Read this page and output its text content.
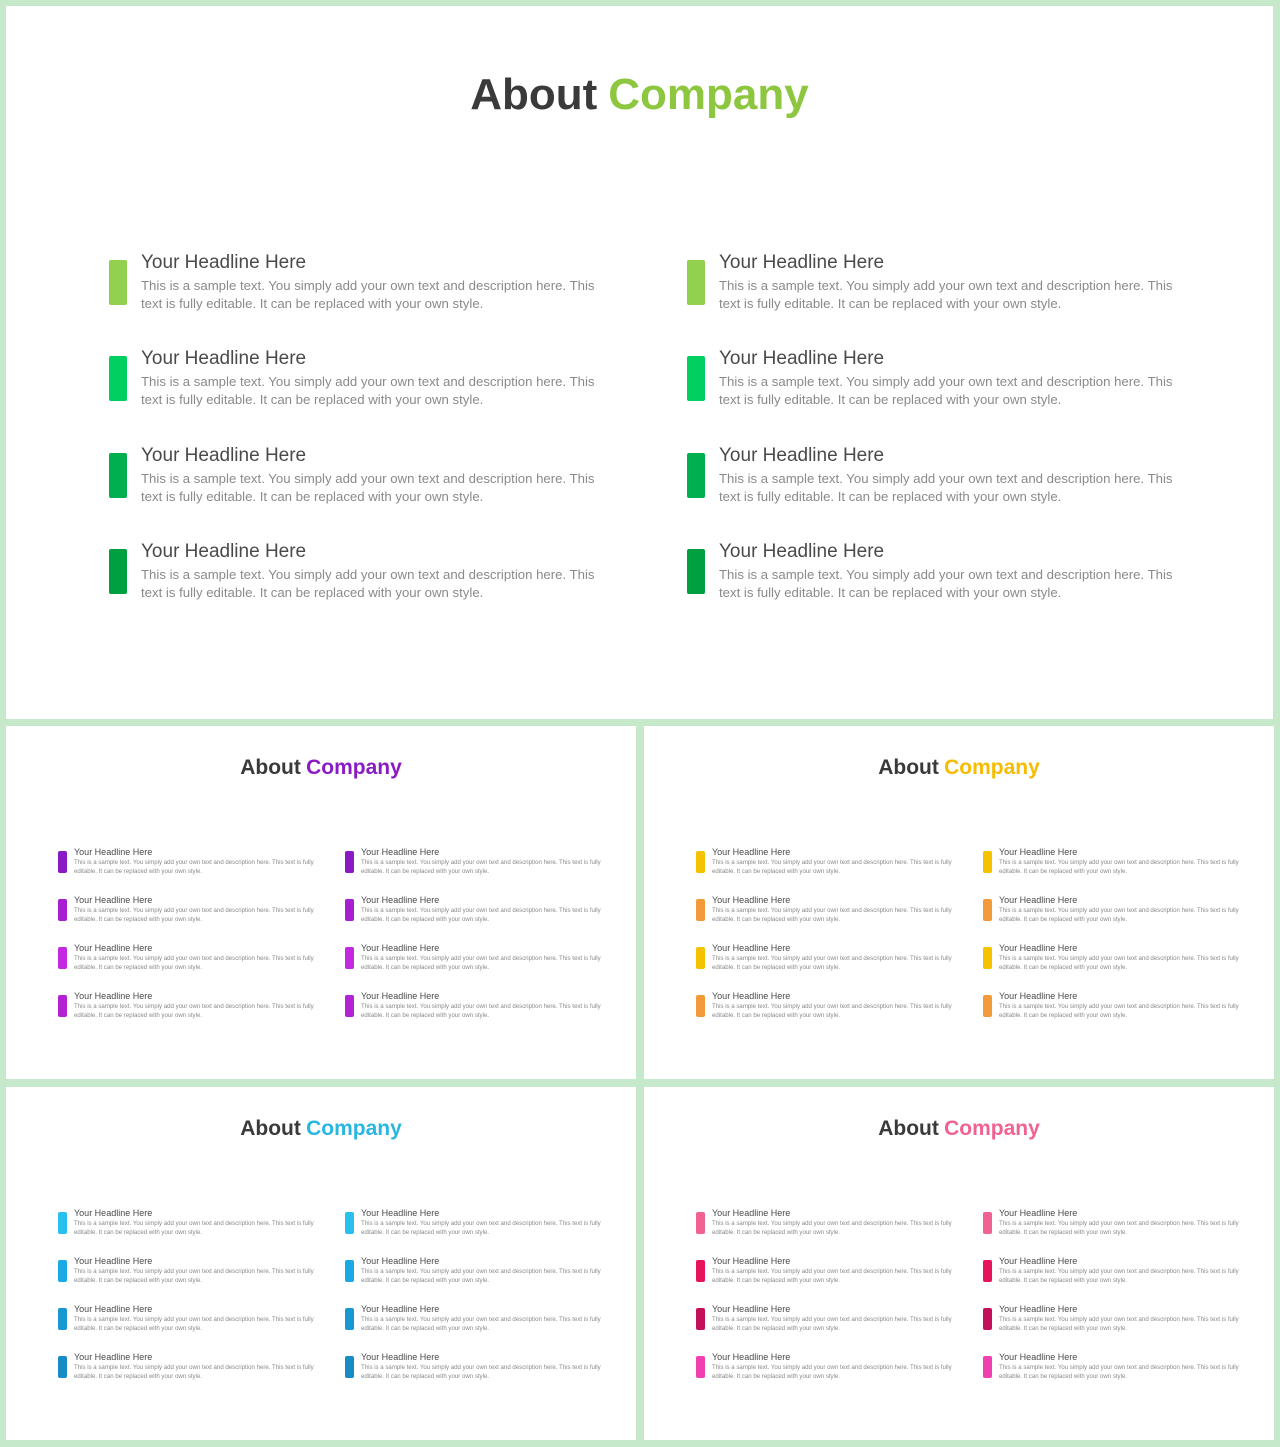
About Company
Your Headline Here
This is a sample text. You simply add your own text and description here. This text is fully editable. It can be replaced with your own style.
Your Headline Here
This is a sample text. You simply add your own text and description here. This text is fully editable. It can be replaced with your own style.
Your Headline Here
This is a sample text. You simply add your own text and description here. This text is fully editable. It can be replaced with your own style.
Your Headline Here
This is a sample text. You simply add your own text and description here. This text is fully editable. It can be replaced with your own style.
Your Headline Here
This is a sample text. You simply add your own text and description here. This text is fully editable. It can be replaced with your own style.
Your Headline Here
This is a sample text. You simply add your own text and description here. This text is fully editable. It can be replaced with your own style.
Your Headline Here
This is a sample text. You simply add your own text and description here. This text is fully editable. It can be replaced with your own style.
Your Headline Here
This is a sample text. You simply add your own text and description here. This text is fully editable. It can be replaced with your own style.
About Company
Your Headline Here
This is a sample text. You simply add your own text and description here. This text is fully editable. It can be replaced with your own style.
Your Headline Here
This is a sample text. You simply add your own text and description here. This text is fully editable. It can be replaced with your own style.
Your Headline Here
This is a sample text. You simply add your own text and description here. This text is fully editable. It can be replaced with your own style.
Your Headline Here
This is a sample text. You simply add your own text and description here. This text is fully editable. It can be replaced with your own style.
Your Headline Here
This is a sample text. You simply add your own text and description here. This text is fully editable. It can be replaced with your own style.
Your Headline Here
This is a sample text. You simply add your own text and description here. This text is fully editable. It can be replaced with your own style.
Your Headline Here
This is a sample text. You simply add your own text and description here. This text is fully editable. It can be replaced with your own style.
Your Headline Here
This is a sample text. You simply add your own text and description here. This text is fully editable. It can be replaced with your own style.
About Company
Your Headline Here
This is a sample text. You simply add your own text and description here. This text is fully editable. It can be replaced with your own style.
Your Headline Here
This is a sample text. You simply add your own text and description here. This text is fully editable. It can be replaced with your own style.
Your Headline Here
This is a sample text. You simply add your own text and description here. This text is fully editable. It can be replaced with your own style.
Your Headline Here
This is a sample text. You simply add your own text and description here. This text is fully editable. It can be replaced with your own style.
Your Headline Here
This is a sample text. You simply add your own text and description here. This text is fully editable. It can be replaced with your own style.
Your Headline Here
This is a sample text. You simply add your own text and description here. This text is fully editable. It can be replaced with your own style.
Your Headline Here
This is a sample text. You simply add your own text and description here. This text is fully editable. It can be replaced with your own style.
Your Headline Here
This is a sample text. You simply add your own text and description here. This text is fully editable. It can be replaced with your own style.
About Company
Your Headline Here
This is a sample text. You simply add your own text and description here. This text is fully editable. It can be replaced with your own style.
Your Headline Here
This is a sample text. You simply add your own text and description here. This text is fully editable. It can be replaced with your own style.
Your Headline Here
This is a sample text. You simply add your own text and description here. This text is fully editable. It can be replaced with your own style.
Your Headline Here
This is a sample text. You simply add your own text and description here. This text is fully editable. It can be replaced with your own style.
Your Headline Here
This is a sample text. You simply add your own text and description here. This text is fully editable. It can be replaced with your own style.
Your Headline Here
This is a sample text. You simply add your own text and description here. This text is fully editable. It can be replaced with your own style.
Your Headline Here
This is a sample text. You simply add your own text and description here. This text is fully editable. It can be replaced with your own style.
Your Headline Here
This is a sample text. You simply add your own text and description here. This text is fully editable. It can be replaced with your own style.
About Company
Your Headline Here
This is a sample text. You simply add your own text and description here. This text is fully editable. It can be replaced with your own style.
Your Headline Here
This is a sample text. You simply add your own text and description here. This text is fully editable. It can be replaced with your own style.
Your Headline Here
This is a sample text. You simply add your own text and description here. This text is fully editable. It can be replaced with your own style.
Your Headline Here
This is a sample text. You simply add your own text and description here. This text is fully editable. It can be replaced with your own style.
Your Headline Here
This is a sample text. You simply add your own text and description here. This text is fully editable. It can be replaced with your own style.
Your Headline Here
This is a sample text. You simply add your own text and description here. This text is fully editable. It can be replaced with your own style.
Your Headline Here
This is a sample text. You simply add your own text and description here. This text is fully editable. It can be replaced with your own style.
Your Headline Here
This is a sample text. You simply add your own text and description here. This text is fully editable. It can be replaced with your own style.
